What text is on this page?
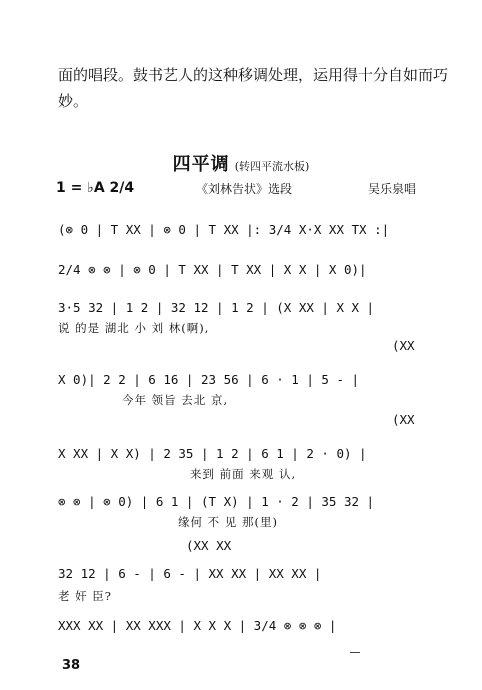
面的唱段。鼓书艺人的这种移调处理，运用得十分自如而巧
妙。
四平调 (转四平流水板)
1 = ♭A 2/4	《刘林告状》选段	吴乐泉唱
(⊗ 0 | T XX | ⊗ 0 | T XX |: 3/4 X·X XX TX :|
2/4 ⊗ ⊗ | ⊗ 0 | T XX | T XX | X X | X 0)|
3·5 32 | 1 2 | 32 12 | 1 2 | (X XX | X X |
说 的是 湖北 小 刘 林(啊),
(XX
X 0)| 2 2 | 6 16 | 23 56 | 6 · 1 | 5 - |
今年 领旨 去北 京,
(XX
X XX | X X) | 2 35 | 1 2 | 6 1 | 2 · 0) |
来到 前面 来观 认,
⊗ ⊗ | ⊗ 0) | 6 1 | (T X) | 1 · 2 | 35 32 |
缘何 不 见 那(里)
(XX XX
32 12 | 6 - | 6 - | XX XX | XX XX |
老 奸 臣?
XXX XX | XX XXX | X X X | 3/4 ⊗ ⊗ ⊗ |
38
